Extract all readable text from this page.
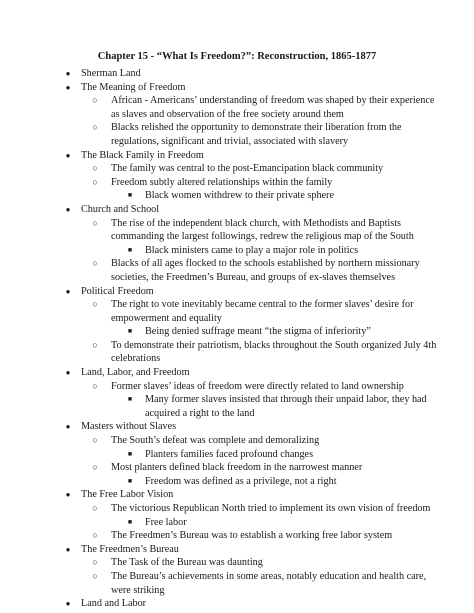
Chapter 15 - “What Is Freedom?”: Reconstruction, 1865-1877
● Sherman Land
● The Meaning of Freedom
○ African - Americans’ understanding of freedom was shaped by their experience as slaves and observation of the free society around them
○ Blacks relished the opportunity to demonstrate their liberation from the regulations, significant and trivial, associated with slavery
● The Black Family in Freedom
○ The family was central to the post-Emancipation black community
○ Freedom subtly altered relationships within the family
■ Black women withdrew to their private sphere
● Church and School
○ The rise of the independent black church, with Methodists and Baptists commanding the largest followings, redrew the religious map of the South
■ Black ministers came to play a major role in politics
○ Blacks of all ages flocked to the schools established by northern missionary societies, the Freedmen’s Bureau, and groups of ex-slaves themselves
● Political Freedom
○ The right to vote inevitably became central to the former slaves’ desire for empowerment and equality
■ Being denied suffrage meant “the stigma of inferiority”
○ To demonstrate their patriotism, blacks throughout the South organized July 4th celebrations
● Land, Labor, and Freedom
○ Former slaves’ ideas of freedom were directly related to land ownership
■ Many former slaves insisted that through their unpaid labor, they had acquired a right to the land
● Masters without Slaves
○ The South’s defeat was complete and demoralizing
■ Planters families faced profound changes
○ Most planters defined black freedom in the narrowest manner
■ Freedom was defined as a privilege, not a right
● The Free Labor Vision
○ The victorious Republican North tried to implement its own vision of freedom
■ Free labor
○ The Freedmen’s Bureau was to establish a working free labor system
● The Freedmen’s Bureau
○ The Task of the Bureau was daunting
○ The Bureau’s achievements in some areas, notably education and health care, were striking
● Land and Labor
